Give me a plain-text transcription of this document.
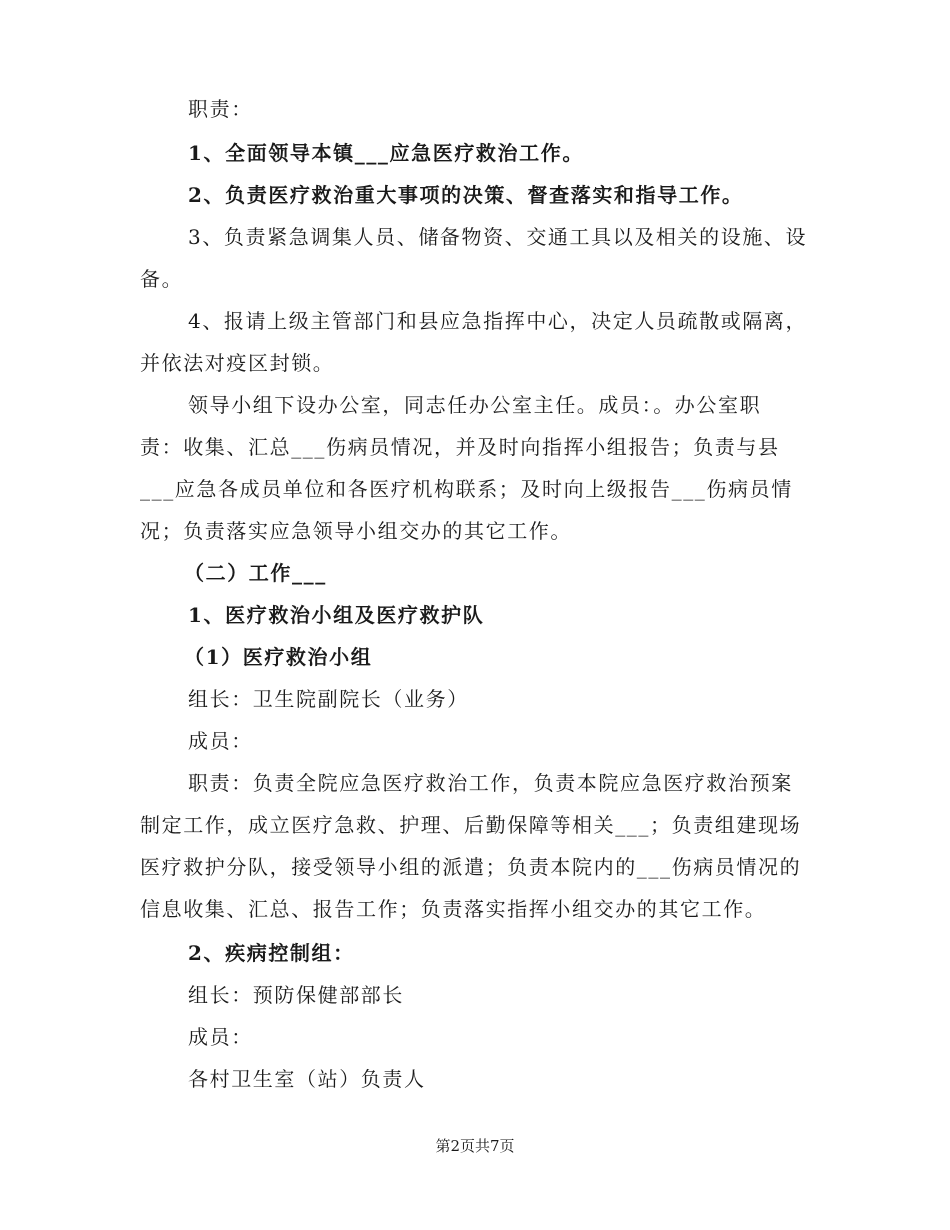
职责：
1、全面领导本镇___应急医疗救治工作。
2、负责医疗救治重大事项的决策、督查落实和指导工作。
3、负责紧急调集人员、储备物资、交通工具以及相关的设施、设
备。
4、报请上级主管部门和县应急指挥中心，决定人员疏散或隔离，
并依法对疫区封锁。
领导小组下设办公室，同志任办公室主任。成员：。办公室职
责：收集、汇总___伤病员情况，并及时向指挥小组报告；负责与县
___应急各成员单位和各医疗机构联系；及时向上级报告___伤病员情
况；负责落实应急领导小组交办的其它工作。
（二）工作___
1、医疗救治小组及医疗救护队
（1）医疗救治小组
组长：卫生院副院长（业务）
成员：
职责：负责全院应急医疗救治工作，负责本院应急医疗救治预案
制定工作，成立医疗急救、护理、后勤保障等相关___；负责组建现场
医疗救护分队，接受领导小组的派遣；负责本院内的___伤病员情况的
信息收集、汇总、报告工作；负责落实指挥小组交办的其它工作。
2、疾病控制组：
组长：预防保健部部长
成员：
各村卫生室（站）负责人
第2页共7页
